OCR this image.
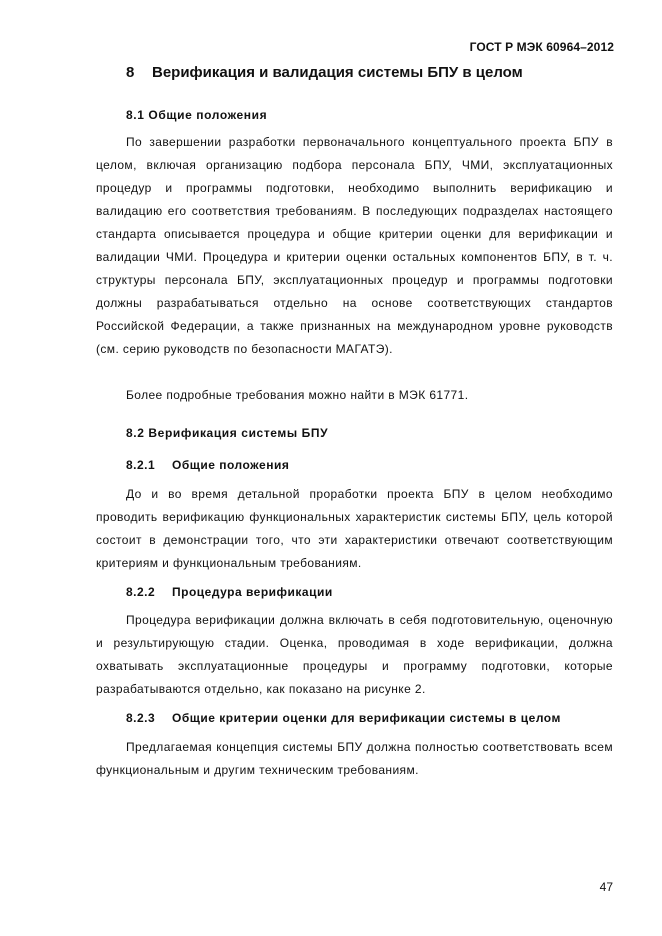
ГОСТ Р МЭК 60964–2012
8 Верификация и валидация системы БПУ в целом
8.1 Общие положения

По завершении разработки первоначального концептуального проекта БПУ в целом, включая организацию подбора персонала БПУ, ЧМИ, эксплуатационных процедур и программы подготовки, необходимо выполнить верификацию и валидацию его соответствия требованиям. В последующих подразделах настоящего стандарта описывается процедура и общие критерии оценки для верификации и валидации ЧМИ. Процедура и критерии оценки остальных компонентов БПУ, в т. ч. структуры персонала БПУ, эксплуатационных процедур и программы подготовки должны разрабатываться отдельно на основе соответствующих стандартов Российской Федерации, а также признанных на международном уровне руководств (см. серию руководств по безопасности МАГАТЭ).

Более подробные требования можно найти в МЭК 61771.

8.2 Верификация системы БПУ
8.2.1 Общие положения

До и во время детальной проработки проекта БПУ в целом необходимо проводить верификацию функциональных характеристик системы БПУ, цель которой состоит в демонстрации того, что эти характеристики отвечают соответствующим критериям и функциональным требованиям.

8.2.2 Процедура верификации

Процедура верификации должна включать в себя подготовительную, оценочную и результирующую стадии. Оценка, проводимая в ходе верификации, должна охватывать эксплуатационные процедуры и программу подготовки, которые разрабатываются отдельно, как показано на рисунке 2.

8.2.3 Общие критерии оценки для верификации системы в целом

Предлагаемая концепция системы БПУ должна полностью соответствовать всем функциональным и другим техническим требованиям.

47
